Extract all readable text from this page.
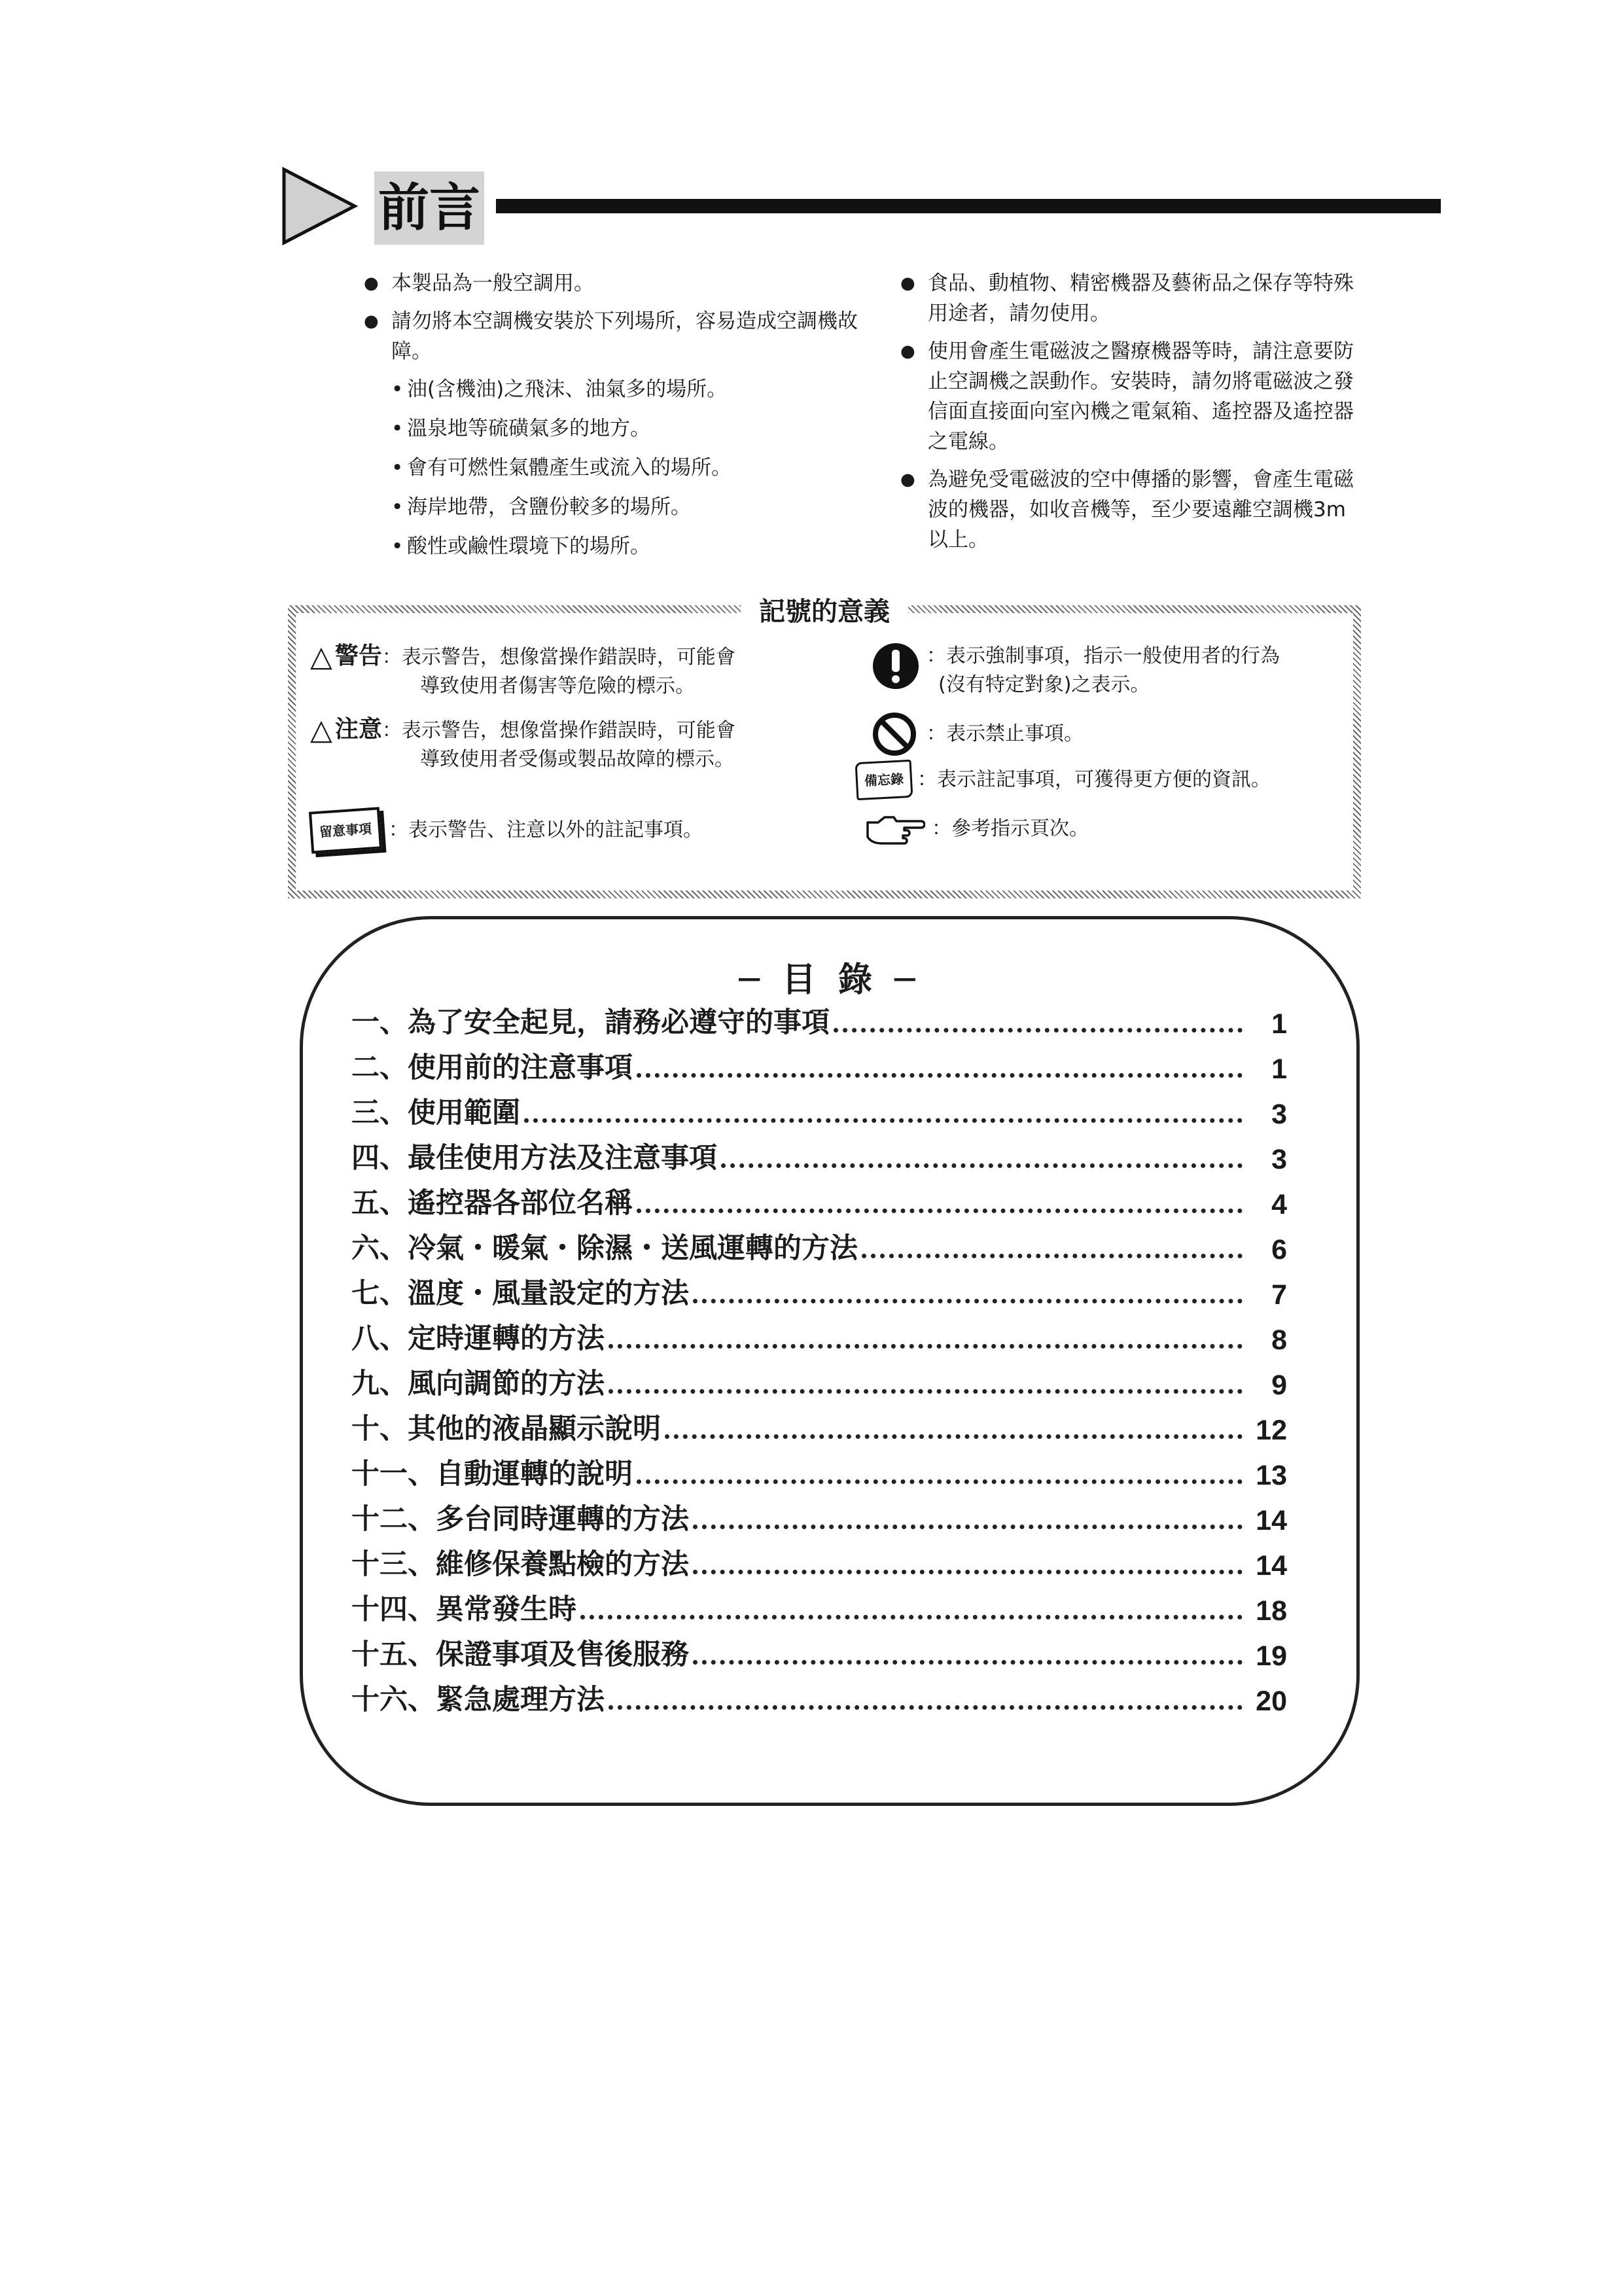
前言
● 本製品為一般空調用。
● 請勿將本空調機安裝於下列場所，容易造成空調機故障。
• 油(含機油)之飛沫、油氣多的場所。
• 溫泉地等硫磺氣多的地方。
• 會有可燃性氣體產生或流入的場所。
• 海岸地帶，含鹽份較多的場所。
• 酸性或鹼性環境下的場所。
● 食品、動植物、精密機器及藝術品之保存等特殊用途者，請勿使用。
● 使用會產生電磁波之醫療機器等時，請注意要防止空調機之誤動作。安裝時，請勿將電磁波之發信面直接面向室內機之電氣箱、遙控器及遙控器之電線。
● 為避免受電磁波的空中傳播的影響，會產生電磁波的機器，如收音機等，至少要遠離空調機3m 以上。
記號的意義
△ 警告：表示警告，想像當操作錯誤時，可能會
導致使用者傷害等危險的標示。
△ 注意：表示警告，想像當操作錯誤時，可能會
導致使用者受傷或製品故障的標示。
留意事項 ：表示警告、注意以外的註記事項。
：表示強制事項，指示一般使用者的行為
(沒有特定對象)之表示。
：表示禁止事項。
備忘錄 ：表示註記事項，可獲得更方便的資訊。
：參考指示頁次。
─ 目 錄 ─
一、為了安全起見，請務必遵守的事項	1
二、使用前的注意事項	1
三、使用範圍	3
四、最佳使用方法及注意事項	3
五、遙控器各部位名稱	4
六、冷氣・暖氣・除濕・送風運轉的方法	6
七、溫度・風量設定的方法	7
八、定時運轉的方法	8
九、風向調節的方法	9
十、其他的液晶顯示說明	12
十一、自動運轉的說明	13
十二、多台同時運轉的方法	14
十三、維修保養點檢的方法	14
十四、異常發生時	18
十五、保證事項及售後服務	19
十六、緊急處理方法	20
